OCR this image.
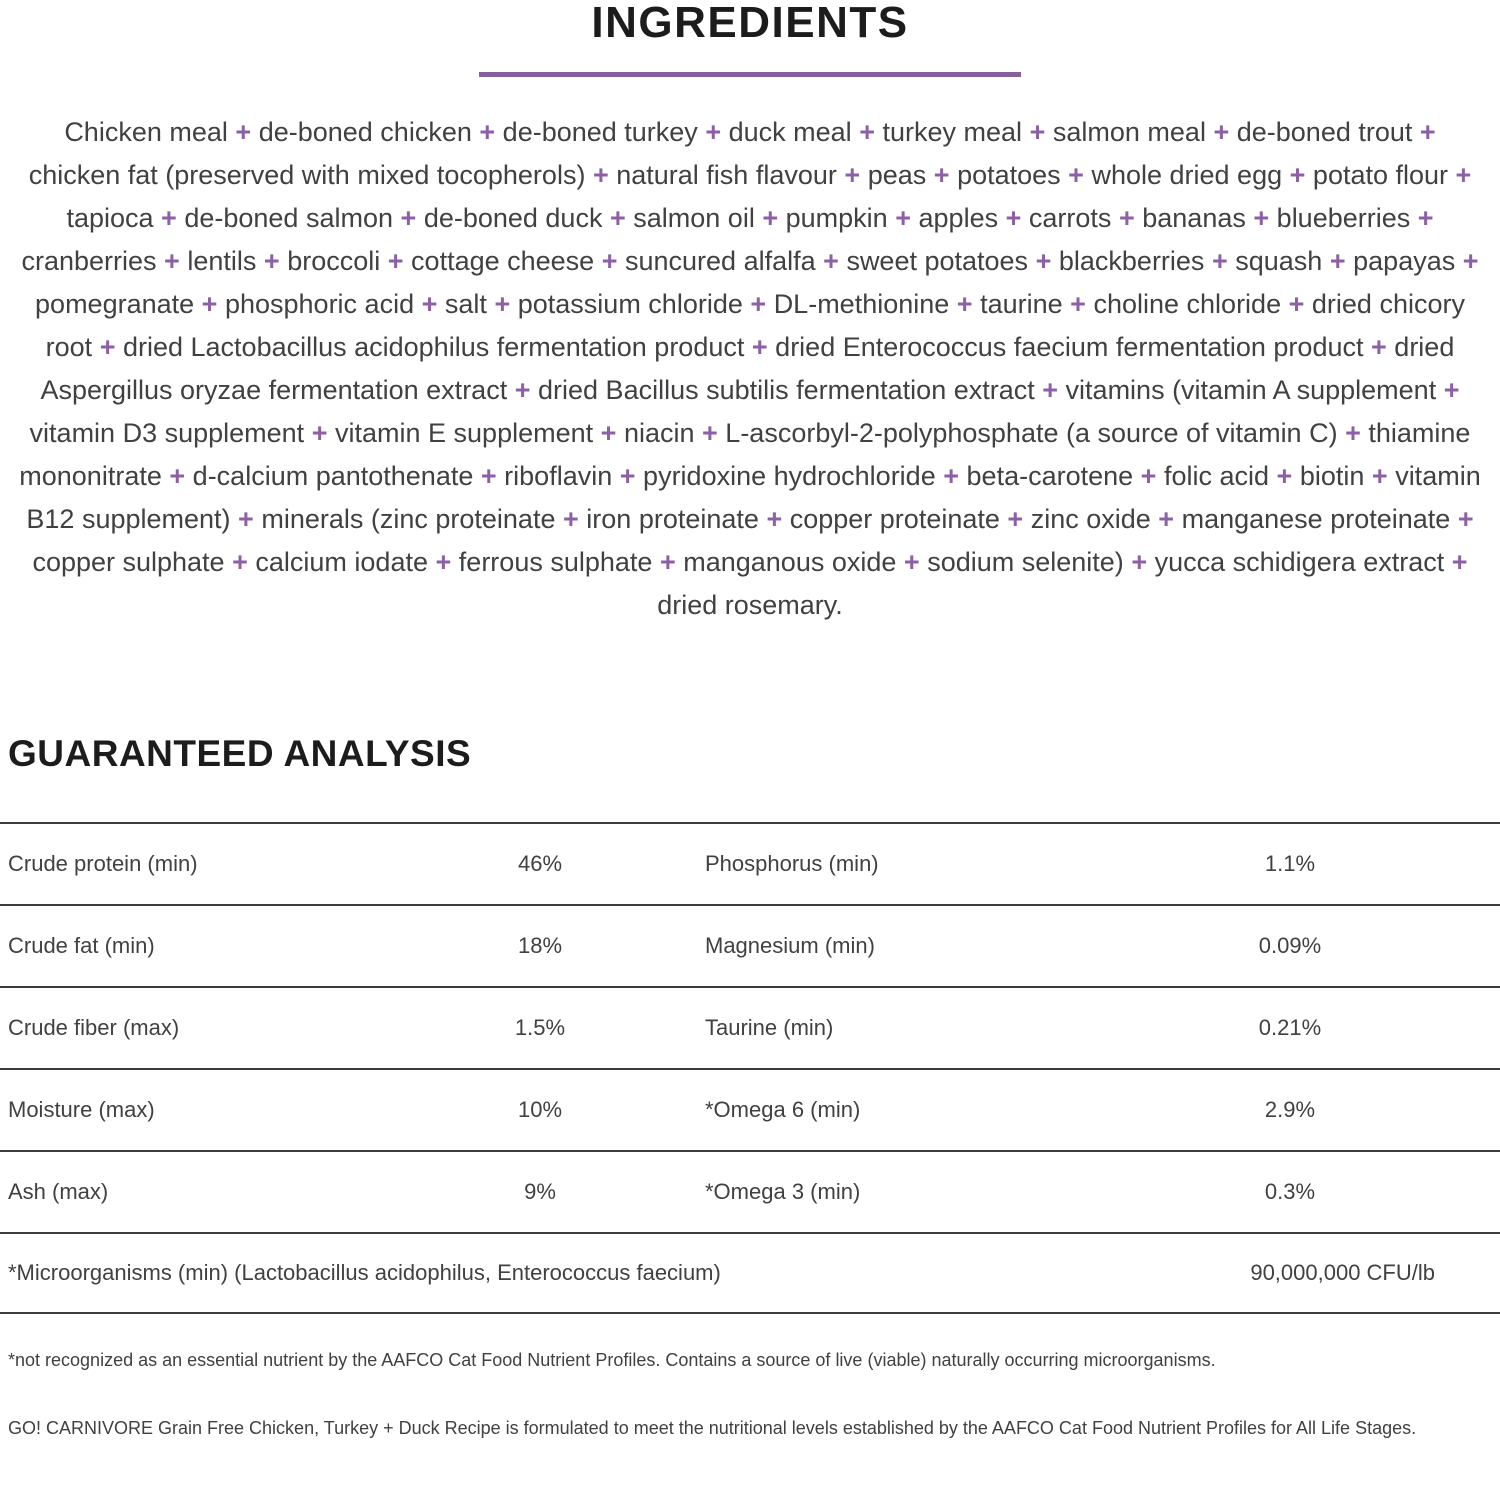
INGREDIENTS

Chicken meal + de-boned chicken + de-boned turkey + duck meal + turkey meal + salmon meal + de-boned trout + chicken fat (preserved with mixed tocopherols) + natural fish flavour + peas + potatoes + whole dried egg + potato flour + tapioca + de-boned salmon + de-boned duck + salmon oil + pumpkin + apples + carrots + bananas + blueberries + cranberries + lentils + broccoli + cottage cheese + suncured alfalfa + sweet potatoes + blackberries + squash + papayas + pomegranate + phosphoric acid + salt + potassium chloride + DL-methionine + taurine + choline chloride + dried chicory root + dried Lactobacillus acidophilus fermentation product + dried Enterococcus faecium fermentation product + dried Aspergillus oryzae fermentation extract + dried Bacillus subtilis fermentation extract + vitamins (vitamin A supplement + vitamin D3 supplement + vitamin E supplement + niacin + L-ascorbyl-2-polyphosphate (a source of vitamin C) + thiamine mononitrate + d-calcium pantothenate + riboflavin + pyridoxine hydrochloride + beta-carotene + folic acid + biotin + vitamin B12 supplement) + minerals (zinc proteinate + iron proteinate + copper proteinate + zinc oxide + manganese proteinate + copper sulphate + calcium iodate + ferrous sulphate + manganous oxide + sodium selenite) + yucca schidigera extract + dried rosemary.

GUARANTEED ANALYSIS
Crude protein (min)	46%	Phosphorus (min)	1.1%
Crude fat (min)	18%	Magnesium (min)	0.09%
Crude fiber (max)	1.5%	Taurine (min)	0.21%
Moisture (max)	10%	*Omega 6 (min)	2.9%
Ash (max)	9%	*Omega 3 (min)	0.3%
*Microorganisms (min) (Lactobacillus acidophilus, Enterococcus faecium)	90,000,000 CFU/lb

*not recognized as an essential nutrient by the AAFCO Cat Food Nutrient Profiles. Contains a source of live (viable) naturally occurring microorganisms.

GO! CARNIVORE Grain Free Chicken, Turkey + Duck Recipe is formulated to meet the nutritional levels established by the AAFCO Cat Food Nutrient Profiles for All Life Stages.
